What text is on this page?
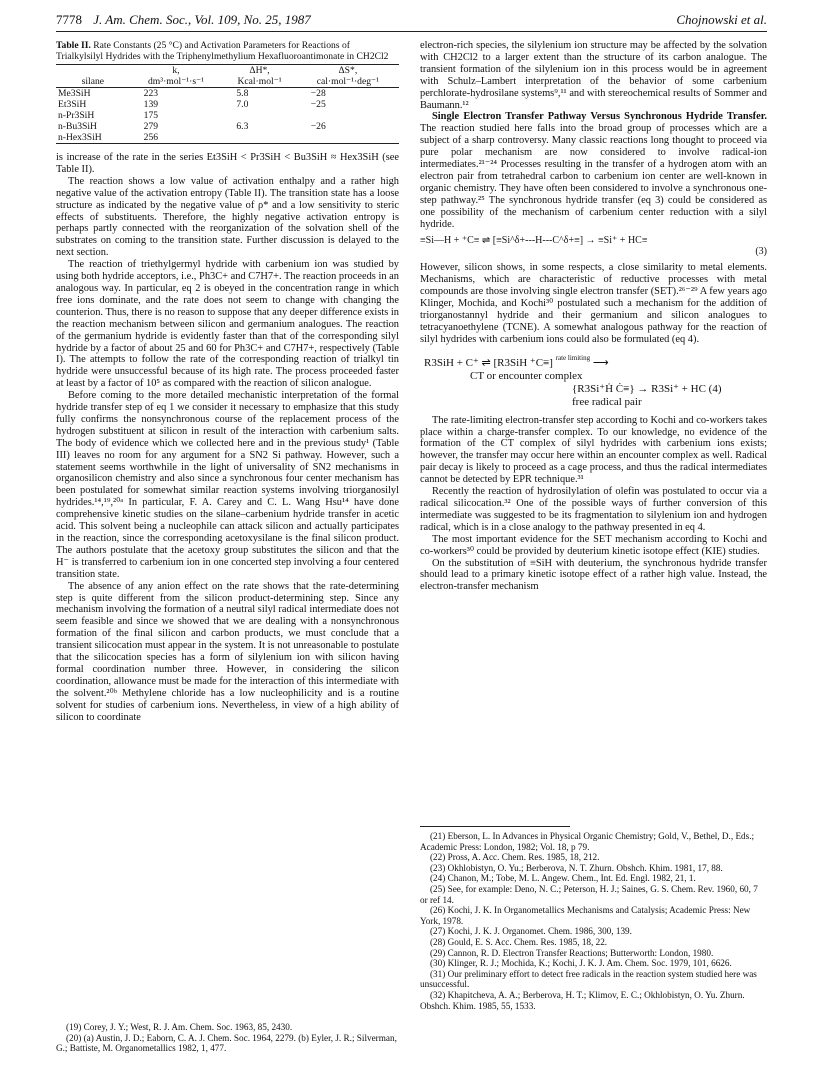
7778 J. Am. Chem. Soc., Vol. 109, No. 25, 1987	Chojnowski et al.
Table II. Rate Constants (25 °C) and Activation Parameters for Reactions of Trialkylsilyl Hydrides with the Triphenylmethylium Hexafluoroantimonate in CH2Cl2
	k,	ΔH*,	ΔS*,
silane	dm³·mol⁻¹·s⁻¹	Kcal·mol⁻¹	cal·mol⁻¹·deg⁻¹
Me3SiH	223	5.8	−28
Et3SiH	139	7.0	−25
n-Pr3SiH	175		
n-Bu3SiH	279	6.3	−26
n-Hex3SiH	256		

is increase of the rate in the series Et3SiH < Pr3SiH < Bu3SiH ≈ Hex3SiH (see Table II).

The reaction shows a low value of activation enthalpy and a rather high negative value of the activation entropy (Table II). The transition state has a loose structure as indicated by the negative value of ρ* and a low sensitivity to steric effects of substituents. Therefore, the highly negative activation entropy is perhaps partly connected with the reorganization of the solvation shell of the substrates on coming to the transition state. Further discussion is delayed to the next section.

The reaction of triethylgermyl hydride with carbenium ion was studied by using both hydride acceptors, i.e., Ph3C+ and C7H7+. The reaction proceeds in an analogous way. In particular, eq 2 is obeyed in the concentration range in which free ions dominate, and the rate does not seem to change with changing the counterion. Thus, there is no reason to suppose that any deeper difference exists in the reaction mechanism between silicon and germanium analogues. The reaction of the germanium hydride is evidently faster than that of the corresponding silyl hydride by a factor of about 25 and 60 for Ph3C+ and C7H7+, respectively (Table I). The attempts to follow the rate of the corresponding reaction of trialkyl tin hydride were unsuccessful because of its high rate. The process proceeded faster at least by a factor of 10⁵ as compared with the reaction of silicon analogue.

Before coming to the more detailed mechanistic interpretation of the formal hydride transfer step of eq 1 we consider it necessary to emphasize that this study fully confirms the nonsynchronous course of the replacement process of the hydrogen substituent at silicon in result of the interaction with carbenium salts. The body of evidence which we collected here and in the previous study¹ (Table III) leaves no room for any argument for a SN2 Si pathway. However, such a statement seems worthwhile in the light of universality of SN2 mechanisms in organosilicon chemistry and also since a synchronous four center mechanism has been postulated for somewhat similar reaction systems involving triorganosilyl hydrides.¹⁴,¹⁹,²⁰ᵃ In particular, F. A. Carey and C. L. Wang Hsu¹⁴ have done comprehensive kinetic studies on the silane–carbenium hydride transfer in acetic acid. This solvent being a nucleophile can attack silicon and actually participates in the reaction, since the corresponding acetoxysilane is the final silicon product. The authors postulate that the acetoxy group substitutes the silicon and that the H⁻ is transferred to carbenium ion in one concerted step involving a four centered transition state.

The absence of any anion effect on the rate shows that the rate-determining step is quite different from the silicon product-determining step. Since any mechanism involving the formation of a neutral silyl radical intermediate does not seem feasible and since we showed that we are dealing with a nonsynchronous formation of the final silicon and carbon products, we must conclude that a transient silicocation must appear in the system. It is not unreasonable to postulate that the silicocation species has a form of silylenium ion with silicon having formal coordination number three. However, in considering the silicon coordination, allowance must be made for the interaction of this intermediate with the solvent.²⁰ᵇ Methylene chloride has a low nucleophilicity and is a routine solvent for studies of carbenium ions. Nevertheless, in view of a high ability of silicon to coordinate

(19) Corey, J. Y.; West, R. J. Am. Chem. Soc. 1963, 85, 2430.

(20) (a) Austin, J. D.; Eaborn, C. A. J. Chem. Soc. 1964, 2279. (b) Eyler, J. R.; Silverman, G.; Battiste, M. Organometallics 1982, 1, 477.

electron-rich species, the silylenium ion structure may be affected by the solvation with CH2Cl2 to a larger extent than the structure of its carbon analogue. The transient formation of the silylenium ion in this process would be in agreement with Schulz–Lambert interpretation of the behavior of some carbenium perchlorate-hydrosilane systems⁹,¹¹ and with stereochemical results of Sommer and Baumann.¹²

Single Electron Transfer Pathway Versus Synchronous Hydride Transfer. The reaction studied here falls into the broad group of processes which are a subject of a sharp controversy. Many classic reactions long thought to proceed via pure polar mechanism are now considered to involve radical-ion intermediates.²¹⁻²⁴ Processes resulting in the transfer of a hydrogen atom with an electron pair from tetrahedral carbon to carbenium ion center are well-known in organic chemistry. They have often been considered to involve a synchronous one-step pathway.²⁵ The synchronous hydride transfer (eq 3) could be considered as one possibility of the mechanism of carbenium center reduction with a silyl hydride.

≡Si—H + ⁺C≡ ⇌ [≡Si^δ+---H---C^δ+≡] → ≡Si⁺ + HC≡
(3)

However, silicon shows, in some respects, a close similarity to metal elements. Mechanisms, which are characteristic of reductive processes with metal compounds are those involving single electron transfer (SET).²⁶⁻²⁹ A few years ago Klinger, Mochida, and Kochi³⁰ postulated such a mechanism for the addition of triorganostannyl hydride and their germanium and silicon analogues to tetracyanoethylene (TCNE). A somewhat analogous pathway for the reaction of silyl hydrides with carbenium ions could also be formulated (eq 4).

R3SiH + C⁺ ⇌ [R3SiH ⁺C≡] $^{rate limiting}$ ⟶
CT or encounter complex
{R3Si⁺Ḣ Ċ≡} → R3Si⁺ + HC (4)
free radical pair

The rate-limiting electron-transfer step according to Kochi and co-workers takes place within a charge-transfer complex. To our knowledge, no evidence of the formation of the CT complex of silyl hydrides with carbenium ions exists; however, the transfer may occur here within an encounter complex as well. Radical pair decay is likely to proceed as a cage process, and thus the radical intermediates cannot be detected by EPR technique.³¹

Recently the reaction of hydrosilylation of olefin was postulated to occur via a radical silicocation.³² One of the possible ways of further conversion of this intermediate was suggested to be its fragmentation to silylenium ion and hydrogen radical, which is in a close analogy to the pathway presented in eq 4.

The most important evidence for the SET mechanism according to Kochi and co-workers³⁰ could be provided by deuterium kinetic isotope effect (KIE) studies.

On the substitution of ≡SiH with deuterium, the synchronous hydride transfer should lead to a primary kinetic isotope effect of a rather high value. Instead, the electron-transfer mechanism

(21) Eberson, L. In Advances in Physical Organic Chemistry; Gold, V., Bethel, D., Eds.; Academic Press: London, 1982; Vol. 18, p 79.

(22) Pross, A. Acc. Chem. Res. 1985, 18, 212.

(23) Okhlobistyn, O. Yu.; Berberova, N. T. Zhurn. Obshch. Khim. 1981, 17, 88.

(24) Chanon, M.; Tobe, M. L. Angew. Chem., Int. Ed. Engl. 1982, 21, 1.

(25) See, for example: Deno, N. C.; Peterson, H. J.; Saines, G. S. Chem. Rev. 1960, 60, 7 or ref 14.

(26) Kochi, J. K. In Organometallics Mechanisms and Catalysis; Academic Press: New York, 1978.

(27) Kochi, J. K. J. Organomet. Chem. 1986, 300, 139.

(28) Gould, E. S. Acc. Chem. Res. 1985, 18, 22.

(29) Cannon, R. D. Electron Transfer Reactions; Butterworth: London, 1980.

(30) Klinger, R. J.; Mochida, K.; Kochi, J. K. J. Am. Chem. Soc. 1979, 101, 6626.

(31) Our preliminary effort to detect free radicals in the reaction system studied here was unsuccessful.

(32) Khapitcheva, A. A.; Berberova, H. T.; Klimov, E. C.; Okhlobistyn, O. Yu. Zhurn. Obshch. Khim. 1985, 55, 1533.
